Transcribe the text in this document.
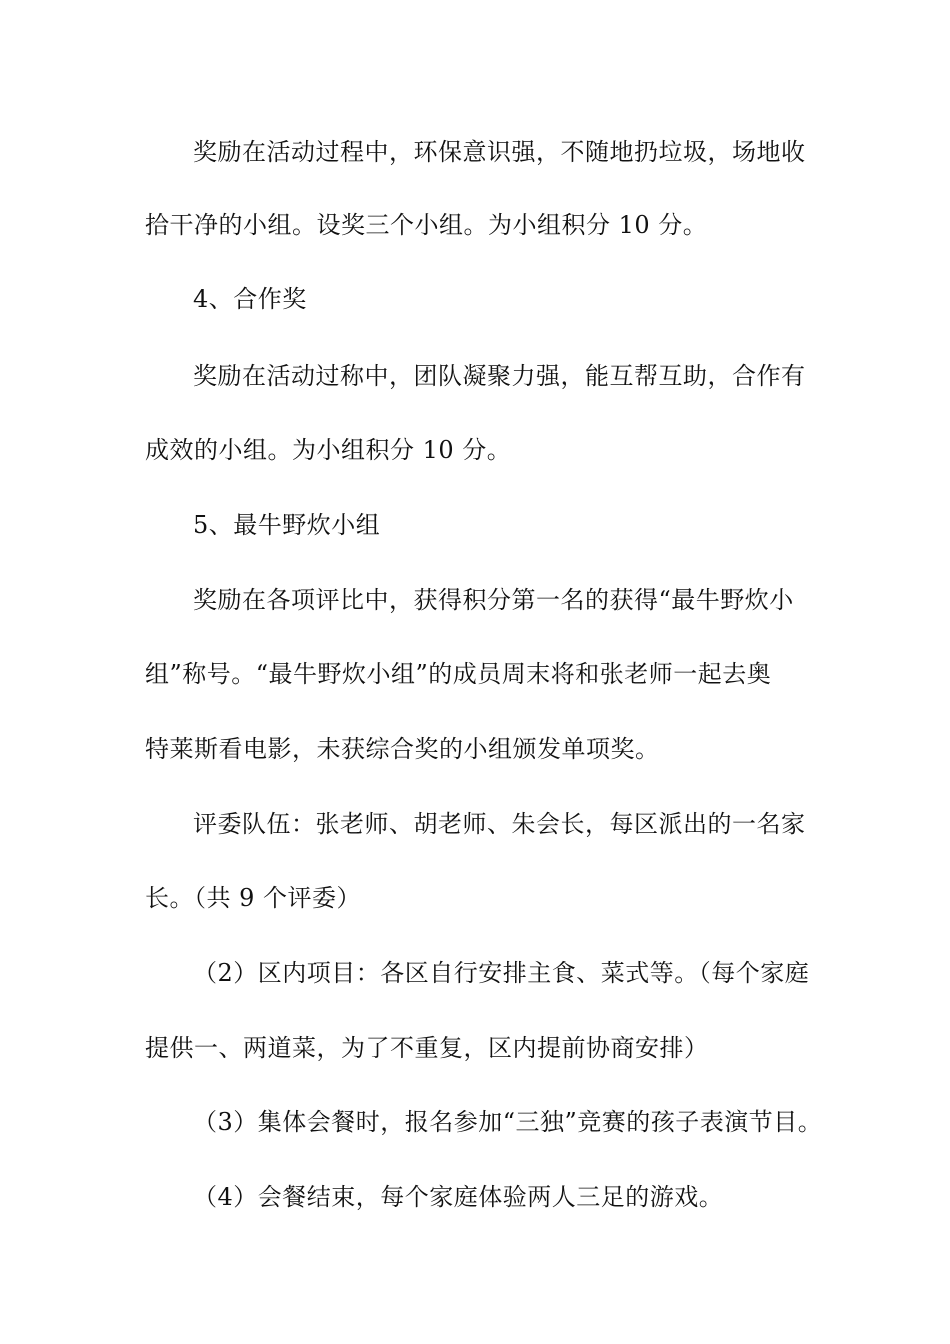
奖励在活动过程中，环保意识强，不随地扔垃圾，场地收
拾干净的小组。设奖三个小组。为小组积分 10 分。
4、合作奖
奖励在活动过称中，团队凝聚力强，能互帮互助，合作有
成效的小组。为小组积分 10 分。
5、最牛野炊小组
奖励在各项评比中，获得积分第一名的获得“最牛野炊小
组”称号。“最牛野炊小组”的成员周末将和张老师一起去奥
特莱斯看电影，未获综合奖的小组颁发单项奖。
评委队伍：张老师、胡老师、朱会长，每区派出的一名家
长。（共 9 个评委）
（2）区内项目：各区自行安排主食、菜式等。（每个家庭
提供一、两道菜，为了不重复，区内提前协商安排）
（3）集体会餐时，报名参加“三独”竞赛的孩子表演节目。
（4）会餐结束，每个家庭体验两人三足的游戏。
